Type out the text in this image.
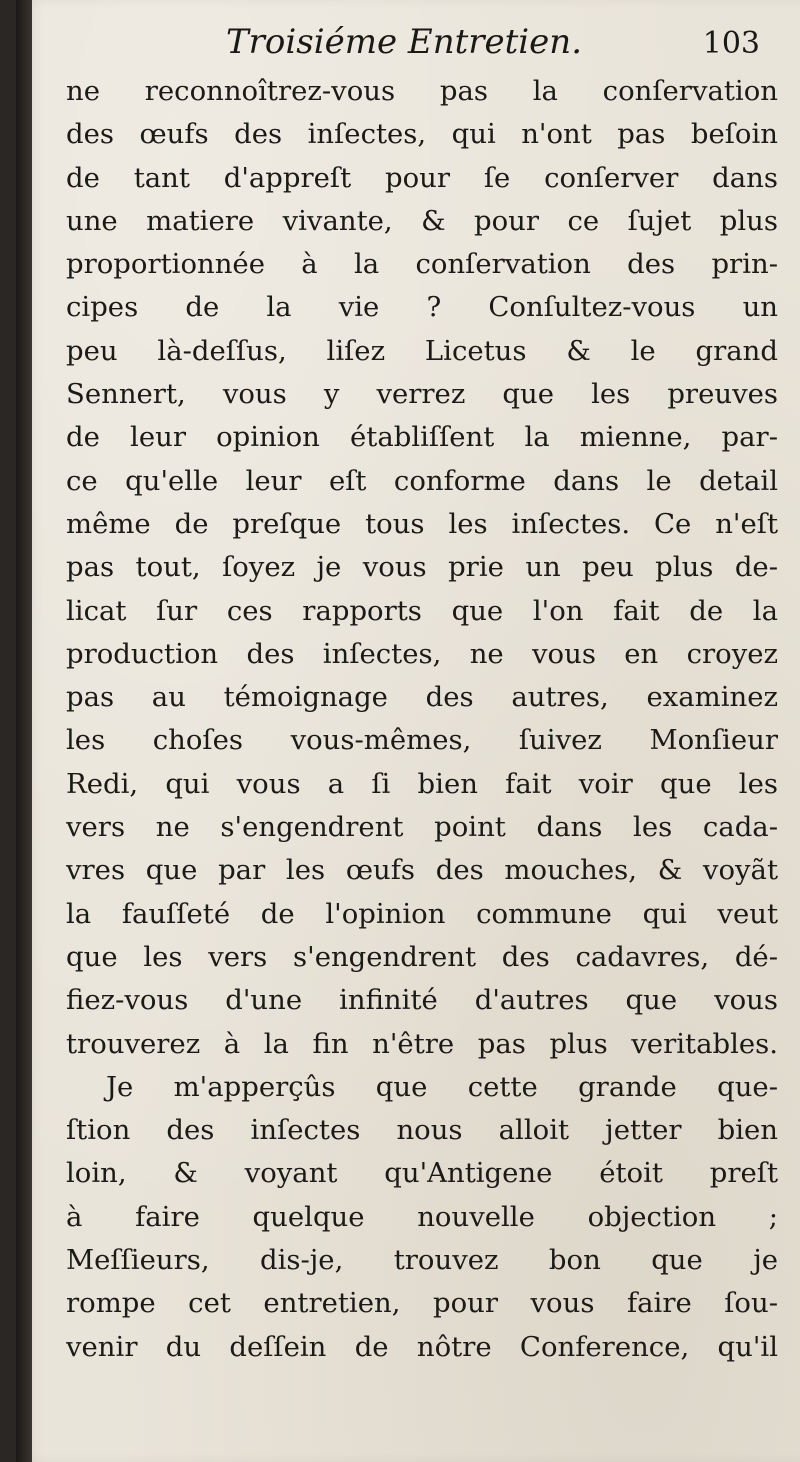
Troisiéme Entretien.	103
ne reconnoîtrez-vous pas la conſervation
des œufs des inſectes, qui n'ont pas beſoin
de tant d'appreſt pour ſe conſerver dans
une matiere vivante, & pour ce ſujet plus
proportionnée à la conſervation des prin-
cipes de la vie ? Conſultez-vous un
peu là-deſſus, liſez Licetus & le grand
Sennert, vous y verrez que les preuves
de leur opinion établiſſent la mienne, par-
ce qu'elle leur eſt conforme dans le detail
même de preſque tous les inſectes. Ce n'eſt
pas tout, ſoyez je vous prie un peu plus de-
licat ſur ces rapports que l'on fait de la
production des inſectes, ne vous en croyez
pas au témoignage des autres, examinez
les choſes vous-mêmes, ſuivez Monſieur
Redi, qui vous a ſi bien fait voir que les
vers ne s'engendrent point dans les cada-
vres que par les œufs des mouches, & voyãt
la fauſſeté de l'opinion commune qui veut
que les vers s'engendrent des cadavres, dé-
fiez-vous d'une infinité d'autres que vous
trouverez à la fin n'être pas plus veritables.
Je m'apperçûs que cette grande que-
ſtion des inſectes nous alloit jetter bien
loin, & voyant qu'Antigene étoit preſt
à faire quelque nouvelle objection ;
Meſſieurs, dis-je, trouvez bon que je
rompe cet entretien, pour vous faire ſou-
venir du deſſein de nôtre Conference, qu'il
